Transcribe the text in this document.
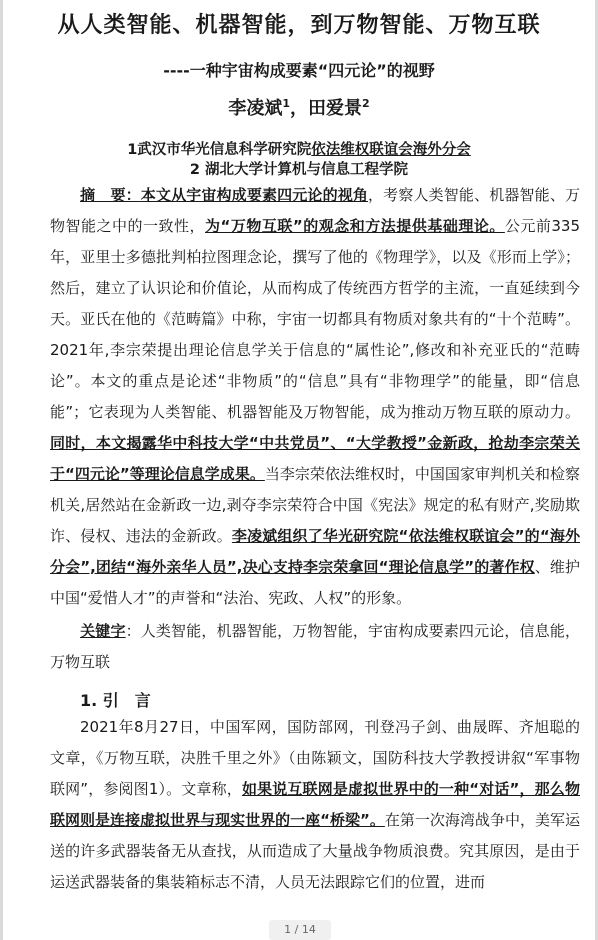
从人类智能、机器智能，到万物智能、万物互联
----一种宇宙构成要素“四元论”的视野
李凌斌$^1$，田爱景$^2$
1武汉市华光信息科学研究院依法维权联谊会海外分会
2 湖北大学计算机与信息工程学院
摘　要：本文从宇宙构成要素四元论的视角，考察人类智能、机器智能、万物智能之中的一致性，为“万物互联”的观念和方法提供基础理论。公元前335年，亚里士多德批判柏拉图理念论，撰写了他的《物理学》，以及《形而上学》；然后，建立了认识论和价值论，从而构成了传统西方哲学的主流，一直延续到今天。亚氏在他的《范畴篇》中称，宇宙一切都具有物质对象共有的“十个范畴”。2021年,李宗荣提出理论信息学关于信息的“属性论”,修改和补充亚氏的“范畴论”。本文的重点是论述“非物质”的“信息”具有“非物理学”的能量，即“信息能”；它表现为人类智能、机器智能及万物智能，成为推动万物互联的原动力。同时，本文揭露华中科技大学“中共党员”、“大学教授”金新政，抢劫李宗荣关于“四元论”等理论信息学成果。当李宗荣依法维权时，中国国家审判机关和检察机关,居然站在金新政一边,剥夺李宗荣符合中国《宪法》规定的私有财产,奖励欺诈、侵权、违法的金新政。李凌斌组织了华光研究院“依法维权联谊会”的“海外分会”,团结“海外亲华人员”,决心支持李宗荣拿回“理论信息学”的著作权、维护中国“爱惜人才”的声誉和“法治、宪政、人权”的形象。
关键字：人类智能，机器智能，万物智能，宇宙构成要素四元论，信息能，万物互联
1. 引　言
2021年8月27日，中国军网，国防部网，刊登冯子剑、曲晟晖、齐旭聪的文章，《万物互联，决胜千里之外》（由陈颖文，国防科技大学教授讲叙“军事物联网”，参阅图1）。文章称，如果说互联网是虚拟世界中的一种“对话”，那么物联网则是连接虚拟世界与现实世界的一座“桥梁”。在第一次海湾战争中，美军运送的许多武器装备无从查找，从而造成了大量战争物质浪费。究其原因，是由于运送武器装备的集装箱标志不清，人员无法跟踪它们的位置，进而
1 / 14
